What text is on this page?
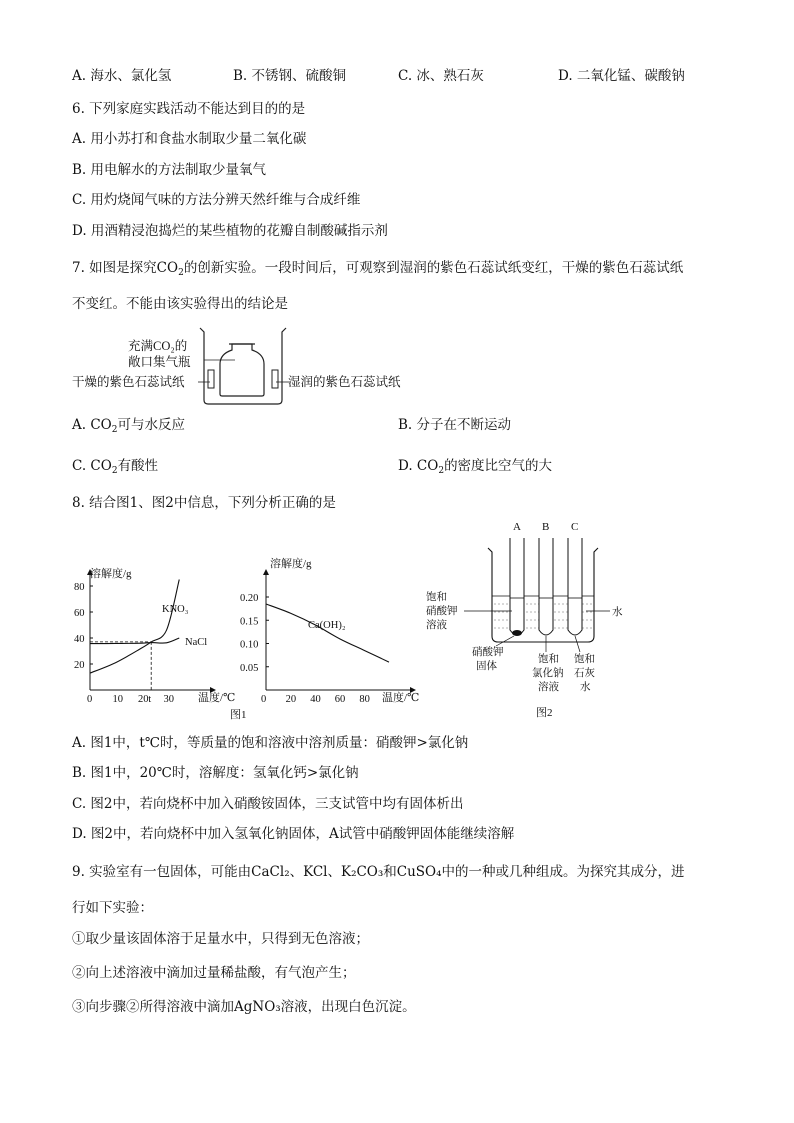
A. 海水、氯化氢	B. 不锈钢、硫酸铜	C. 冰、熟石灰	D. 二氧化锰、碳酸钠
6. 下列家庭实践活动不能达到目的的是
A. 用小苏打和食盐水制取少量二氧化碳
B. 用电解水的方法制取少量氧气
C. 用灼烧闻气味的方法分辨天然纤维与合成纤维
D. 用酒精浸泡捣烂的某些植物的花瓣自制酸碱指示剂
7. 如图是探究$CO_2$的创新实验。一段时间后，可观察到湿润的紫色石蕊试纸变红，干燥的紫色石蕊试纸
不变红。不能由该实验得出的结论是
充满CO₂的
敞口集气瓶
干燥的紫色石蕊试纸	湿润的紫色石蕊试纸
A. $CO_2$可与水反应	B. 分子在不断运动
C. $CO_2$有酸性	D. $CO_2$的密度比空气的大
8. 结合图1、图2中信息，下列分析正确的是
溶解度/g
温度/℃
80
60
40
20
0 10 20 t 30
KNO₃
NaCl
溶解度/g
温度/℃
0.20
0.15
0.10
0.05
0 20 40 60 80
Ca(OH)₂
图1
A B C
饱和
硝酸钾
溶液
水
硝酸钾
固体
饱和
氯化钠
溶液
饱和
石灰
水
图2
A. 图1中，t℃时，等质量的饱和溶液中溶剂质量：硝酸钾>氯化钠
B. 图1中，20℃时，溶解度：氢氧化钙>氯化钠
C. 图2中，若向烧杯中加入硝酸铵固体，三支试管中均有固体析出
D. 图2中，若向烧杯中加入氢氧化钠固体，A试管中硝酸钾固体能继续溶解
9. 实验室有一包固体，可能由CaCl₂、KCl、K₂CO₃和CuSO₄中的一种或几种组成。为探究其成分，进
行如下实验：
①取少量该固体溶于足量水中，只得到无色溶液；
②向上述溶液中滴加过量稀盐酸，有气泡产生；
③向步骤②所得溶液中滴加AgNO₃溶液，出现白色沉淀。
